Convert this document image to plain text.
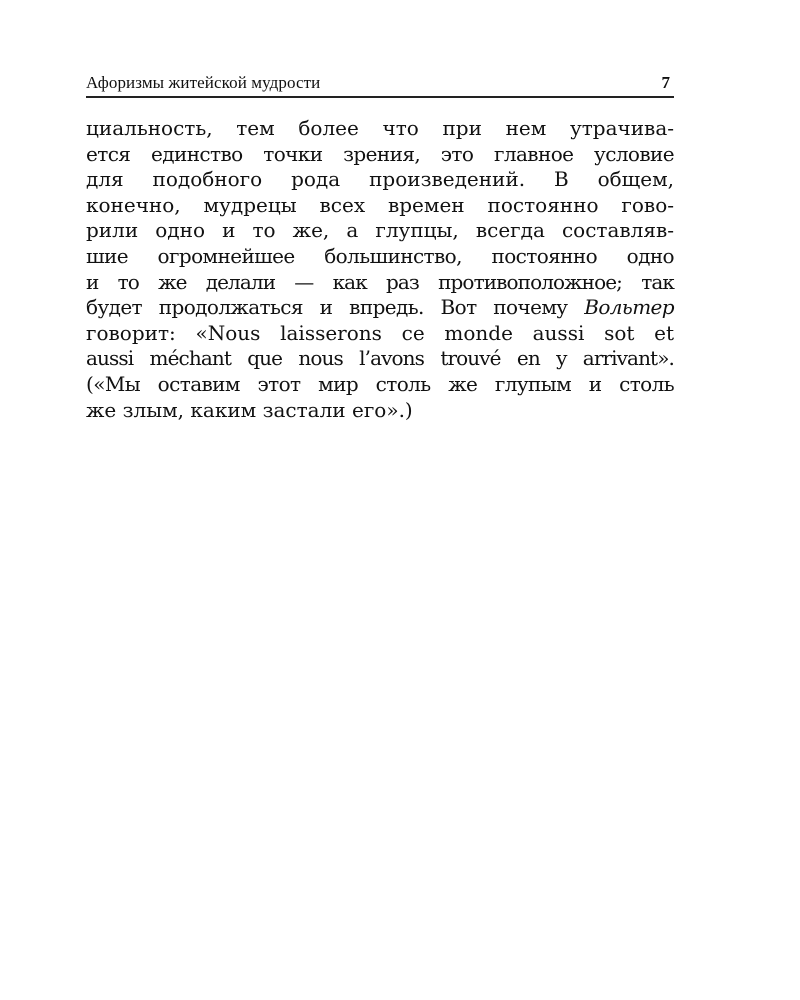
Афоризмы житейской мудрости	7
циальность, тем более что при нем утрачива-
ется единство точки зрения, это главное условие
для подобного рода произведений. В общем,
конечно, мудрецы всех времен постоянно гово-
рили одно и то же, а глупцы, всегда составляв-
шие огромнейшее большинство, постоянно одно
и то же делали — как раз противоположное; так
будет продолжаться и впредь. Вот почему Вольтер
говорит: «Nous laisserons ce monde aussi sot et
aussi méchant que nous l’avons trouvé en y arrivant».
(«Мы оставим этот мир столь же глупым и столь
же злым, каким застали его».)
